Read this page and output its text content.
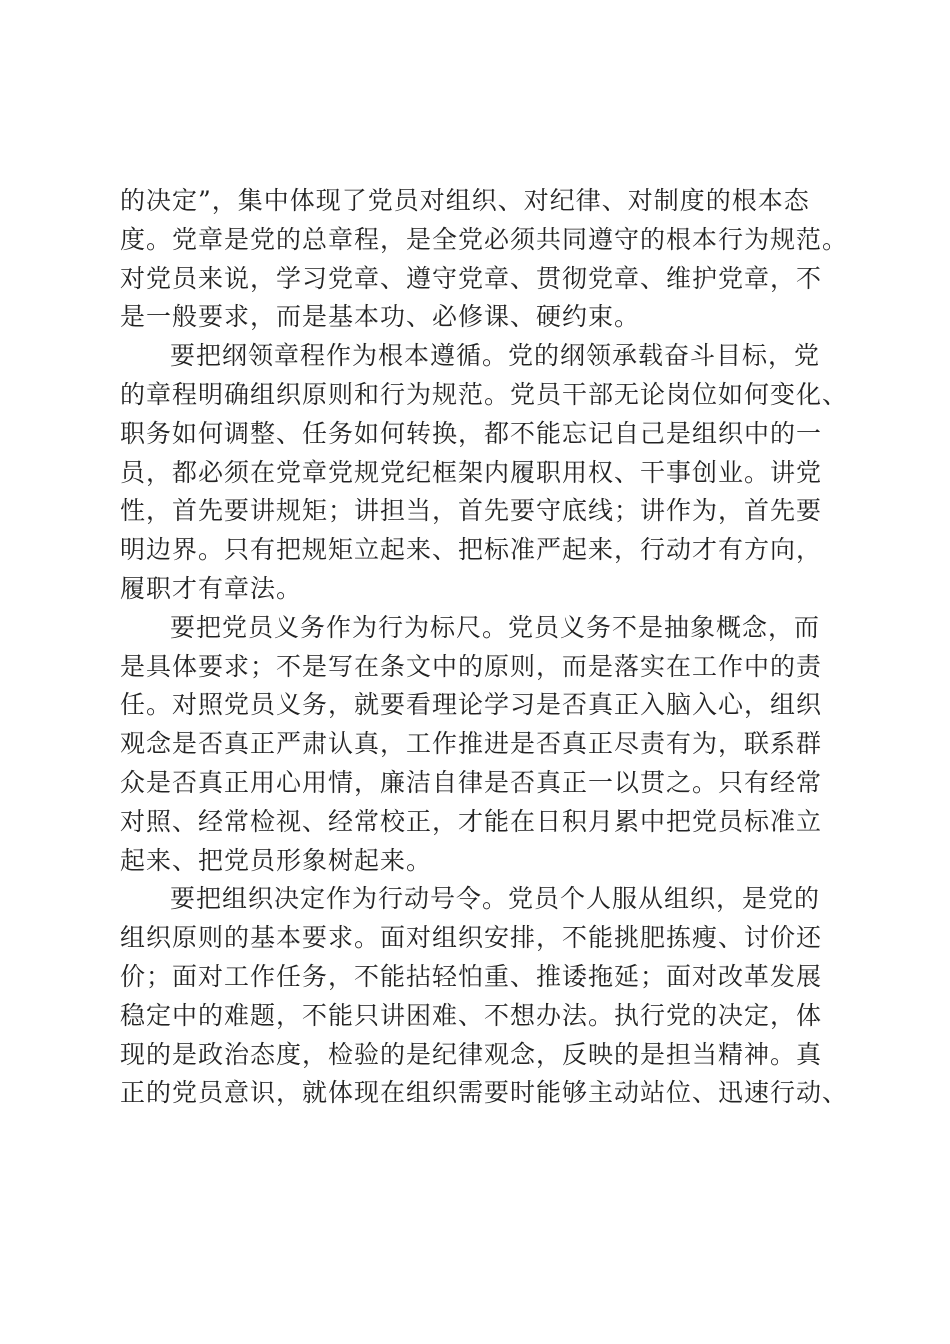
的决定”，集中体现了党员对组织、对纪律、对制度的根本态
度。党章是党的总章程，是全党必须共同遵守的根本行为规范。
对党员来说，学习党章、遵守党章、贯彻党章、维护党章，不
是一般要求，而是基本功、必修课、硬约束。
要把纲领章程作为根本遵循。党的纲领承载奋斗目标，党
的章程明确组织原则和行为规范。党员干部无论岗位如何变化、
职务如何调整、任务如何转换，都不能忘记自己是组织中的一
员，都必须在党章党规党纪框架内履职用权、干事创业。讲党
性，首先要讲规矩；讲担当，首先要守底线；讲作为，首先要
明边界。只有把规矩立起来、把标准严起来，行动才有方向，
履职才有章法。
要把党员义务作为行为标尺。党员义务不是抽象概念，而
是具体要求；不是写在条文中的原则，而是落实在工作中的责
任。对照党员义务，就要看理论学习是否真正入脑入心，组织
观念是否真正严肃认真，工作推进是否真正尽责有为，联系群
众是否真正用心用情，廉洁自律是否真正一以贯之。只有经常
对照、经常检视、经常校正，才能在日积月累中把党员标准立
起来、把党员形象树起来。
要把组织决定作为行动号令。党员个人服从组织，是党的
组织原则的基本要求。面对组织安排，不能挑肥拣瘦、讨价还
价；面对工作任务，不能拈轻怕重、推诿拖延；面对改革发展
稳定中的难题，不能只讲困难、不想办法。执行党的决定，体
现的是政治态度，检验的是纪律观念，反映的是担当精神。真
正的党员意识，就体现在组织需要时能够主动站位、迅速行动、
